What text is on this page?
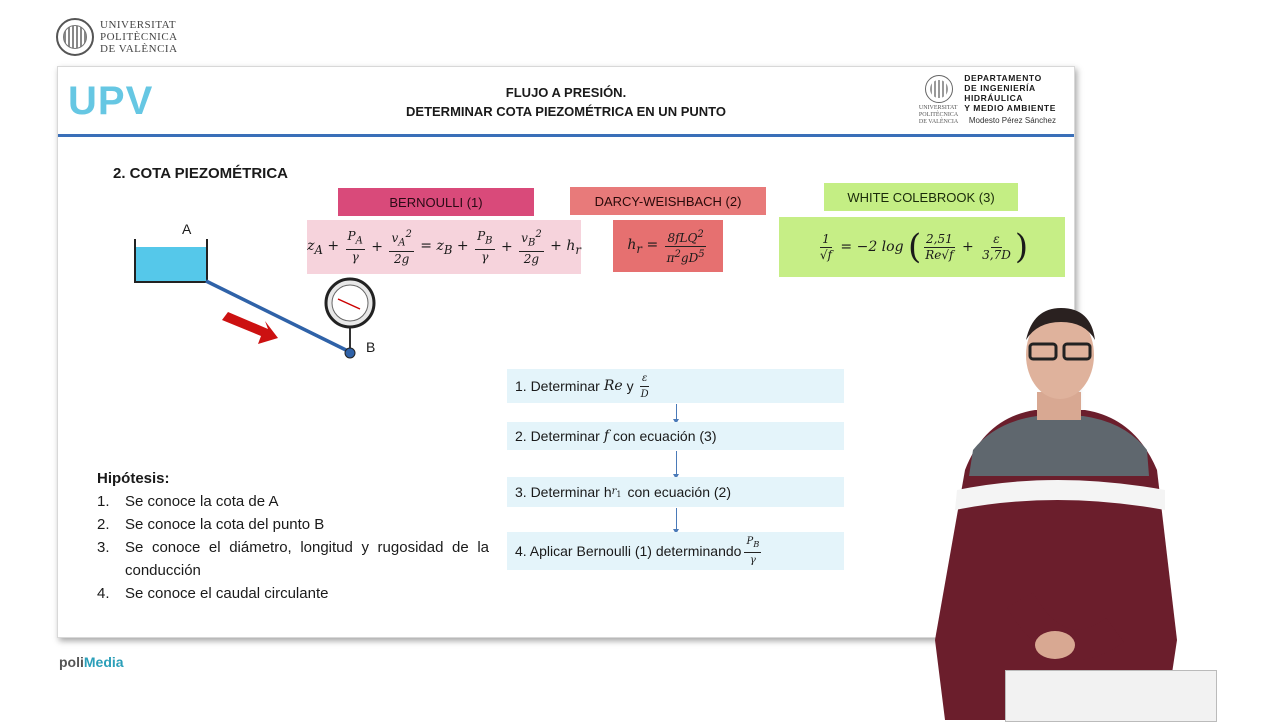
UNIVERSITAT
POLITÈCNICA
DE VALÈNCIA
UPV	FLUJO A PRESIÓN.
DETERMINAR COTA PIEZOMÉTRICA EN UN PUNTO	UNIVERSITAT
POLITÈCNICA
DE VALÈNCIA
DEPARTAMENTO
DE INGENIERÍA
HIDRÁULICA
Y MEDIO AMBIENTE
Modesto Pérez Sánchez
2. COTA PIEZOMÉTRICA
BERNOULLI (1)	DARCY-WEISHBACH (2)	WHITE COLEBROOK (3)
$z_A + \frac{P_A}{\gamma} + \frac{v_A^2}{2g} = z_B + \frac{P_B}{\gamma} + \frac{v_B^2}{2g} + h_r$	$h_r = \frac{8fLQ^2}{\pi^2gD^5}$	$\frac{1}{√f} = -2$ log ( $\frac{2,51}{Re√f} + \frac{\varepsilon}{3,7D}$ )
A
B
Hipótesis:
1.	Se conoce la cota de A
2.	Se conoce la cota del punto B
3.	Se conoce el diámetro, longitud y rugosidad de la conducción
4.	Se conoce el caudal circulante
1. Determinar Re y $\frac{\varepsilon}{D}$
2. Determinar f con ecuación (3)
3. Determinar h $r_1$ con ecuación (2)
4. Aplicar Bernoulli (1) determinando $\frac{P_B}{\gamma}$
poliMedia
